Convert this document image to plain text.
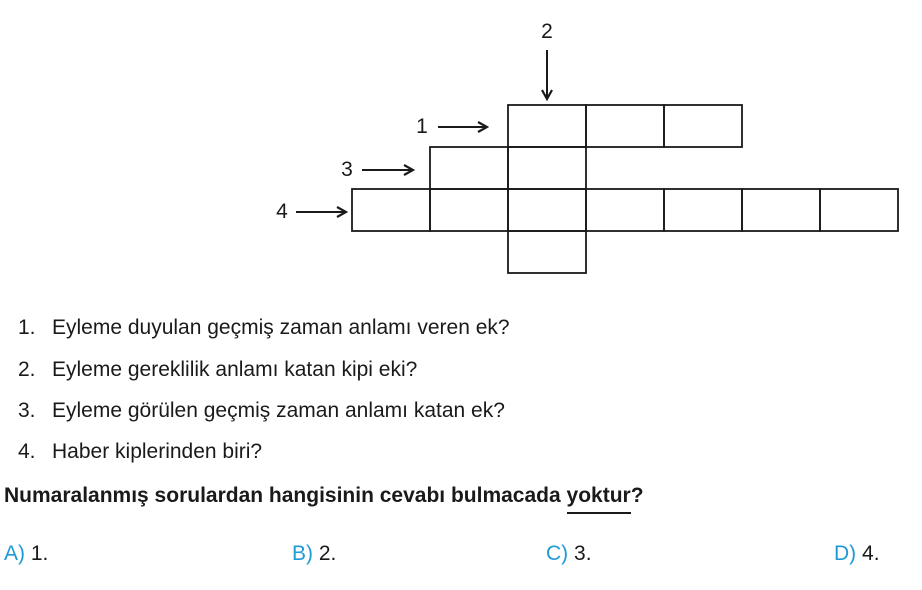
2
1
3
4
1. Eyleme duyulan geçmiş zaman anlamı veren ek?
2. Eyleme gereklilik anlamı katan kipi eki?
3. Eyleme görülen geçmiş zaman anlamı katan ek?
4. Haber kiplerinden biri?
Numaralanmış sorulardan hangisinin cevabı bulmacada yoktur?
A) 1.	B) 2.	C) 3.	D) 4.
